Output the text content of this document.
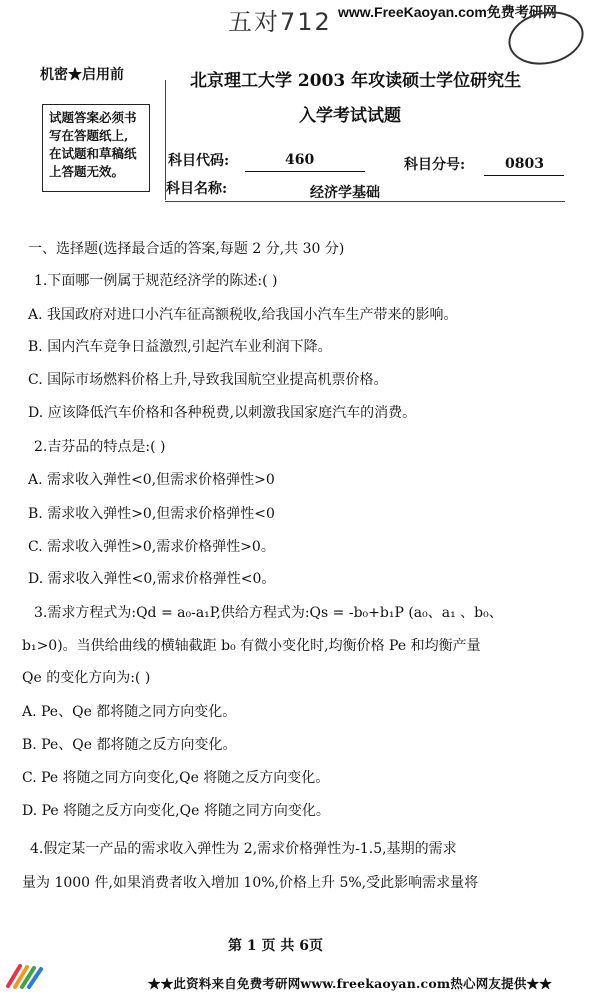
五对712 www.FreeKaoyan.com免费考研网
机密★启用前	北京理工大学 2003 年攻读硕士学位研究生
入学考试试题
试题答案必须书
写在答题纸上,
在试题和草稿纸
上答题无效。
科目代码:	460	科目分号:	0803
科目名称:	经济学基础
一、选择题(选择最合适的答案,每题 2 分,共 30 分)
1.下面哪一例属于规范经济学的陈述:( )
A. 我国政府对进口小汽车征高额税收,给我国小汽车生产带来的影响。
B. 国内汽车竞争日益激烈,引起汽车业利润下降。
C. 国际市场燃料价格上升,导致我国航空业提高机票价格。
D. 应该降低汽车价格和各种税费,以刺激我国家庭汽车的消费。
2.吉芬品的特点是:( )
A. 需求收入弹性<0,但需求价格弹性>0
B. 需求收入弹性>0,但需求价格弹性<0
C. 需求收入弹性>0,需求价格弹性>0。
D. 需求收入弹性<0,需求价格弹性<0。
3.需求方程式为:Qd = a₀-a₁P,供给方程式为:Qs = -b₀+b₁P (a₀、a₁ 、b₀、
b₁>0)。当供给曲线的横轴截距 b₀ 有微小变化时,均衡价格 Pe 和均衡产量
Qe 的变化方向为:( )
A. Pe、Qe 都将随之同方向变化。
B. Pe、Qe 都将随之反方向变化。
C. Pe 将随之同方向变化,Qe 将随之反方向变化。
D. Pe 将随之反方向变化,Qe 将随之同方向变化。
4.假定某一产品的需求收入弹性为 2,需求价格弹性为-1.5,基期的需求
量为 1000 件,如果消费者收入增加 10%,价格上升 5%,受此影响需求量将
第 1 页 共 6页
★★此资料来自免费考研网www.freekaoyan.com热心网友提供★★
